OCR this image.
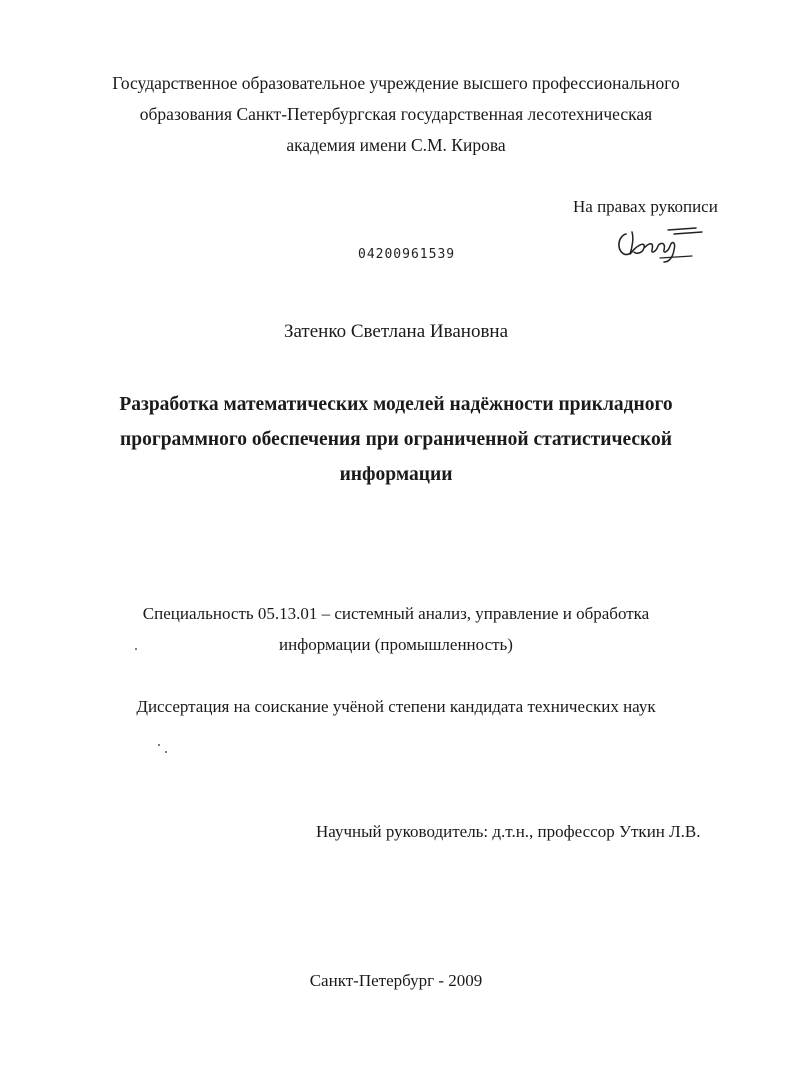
Государственное образовательное учреждение высшего профессионального
образования Санкт-Петербургская государственная лесотехническая
академия имени С.М. Кирова
На правах рукописи
04200961539
Затенко Светлана Ивановна
Разработка математических моделей надёжности прикладного
программного обеспечения при ограниченной статистической
информации
Специальность 05.13.01 – системный анализ, управление и обработка
информации (промышленность)
Диссертация на соискание учёной степени кандидата технических наук
Научный руководитель: д.т.н., профессор Уткин Л.В.
Санкт-Петербург - 2009
